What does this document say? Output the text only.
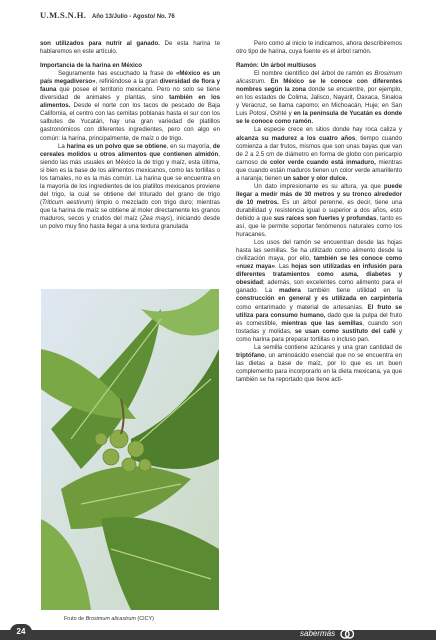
U.M.S.N.H. Año 13/Julio - Agosto/ No. 76

son utilizados para nutrir al ganado. De esta harina te hablaremos en este artículo.

Importancia de la harina en México

Seguramente has escuchado la frase de «México es un país megadiverso», refiriéndose a la gran diversidad de flora y fauna que posee el territorio mexicano. Pero no solo se tiene diversidad de animales y plantas, sino también en los alimentos. Desde el norte con los tacos de pescado de Baja California, el centro con las cemitas poblanas hasta el sur con los salbutes de Yucatán, hay una gran variedad de platillos gastronómicos con diferentes ingredientes, pero con algo en común: la harina, principalmente, de maíz o de trigo.

La harina es un polvo que se obtiene, en su mayoría, de cereales molidos u otros alimentos que contienen almidón, siendo las más usuales en México la de trigo y maíz, esta última, si bien es la base de los alimentos mexicanos, como las tortillas o los tamales, no es la más común. La harina que se encuentra en la mayoría de los ingredientes de los platillos mexicanos proviene del trigo, la cual se obtiene del triturado del grano de trigo (Triticum aestivum) limpio o mezclado con trigo duro; mientras que la harina de maíz se obtiene al moler directamente los granos maduros, secos y crudos del maíz (Zea mays), iniciando desde un polvo muy fino hasta llegar a una textura granulada

Fruto de Brosimum alicastrum (CICY)

Pero como al inicio te indicamos, ahora describiremos otro tipo de harina, cuya fuente es el árbol ramón.

Ramón: Un árbol multiusos

El nombre científico del árbol de ramón es Brosimum alicastrum. En México se le conoce con diferentes nombres según la zona donde se encuentre, por ejemplo, en los estados de Colima, Jalisco, Nayarit, Oaxaca, Sinaloa y Veracruz, se llama capomo; en Michoacán, Huje; en San Luis Potosí, Oshté y en la península de Yucatán es donde se le conoce como ramón.

La especie crece en sitios donde hay roca caliza y alcanza su madurez a los cuatro años, tiempo cuando comienza a dar frutos, mismos que son unas bayas que van de 2 a 2.5 cm de diámetro en forma de globo con pericarpio carnoso de color verde cuando está inmaduro, mientras que cuando están maduros tienen un color verde amarillento a naranja; tienen un sabor y olor dulce.

Un dato impresionante es su altura, ya que puede llegar a medir más de 30 metros y su tronco alrededor de 10 metros. Es un árbol perenne, es decir, tiene una durabilidad y resistencia igual o superior a dos años, esto debido a que sus raíces son fuertes y profundas, tanto es así, que le permite soportar fenómenos naturales como los huracanes.

Los usos del ramón se encuentran desde las hojas hasta las semillas. Se ha utilizado como alimento desde la civilización maya, por ello, también se les conoce como «nuez maya». Las hojas son utilizadas en infusión para diferentes tratamientos como asma, diabetes y obesidad; además, son excelentes como alimento para el ganado. La madera también tiene utilidad en la construcción en general y es utilizada en carpintería como entarimado y material de artesanías. El fruto se utiliza para consumo humano, dado que la pulpa del fruto es comestible, mientras que las semillas, cuando son tostadas y molidas, se usan como sustituto del café y como harina para preparar tortillas o incluso pan.

La semilla contiene azúcares y una gran cantidad de triptófano, un aminoácido esencial que no se encuentra en las dietas a base de maíz, por lo que es un buen complemento para incorporarlo en la dieta mexicana, ya que también se ha reportado que tiene acti-

24	sabermás
